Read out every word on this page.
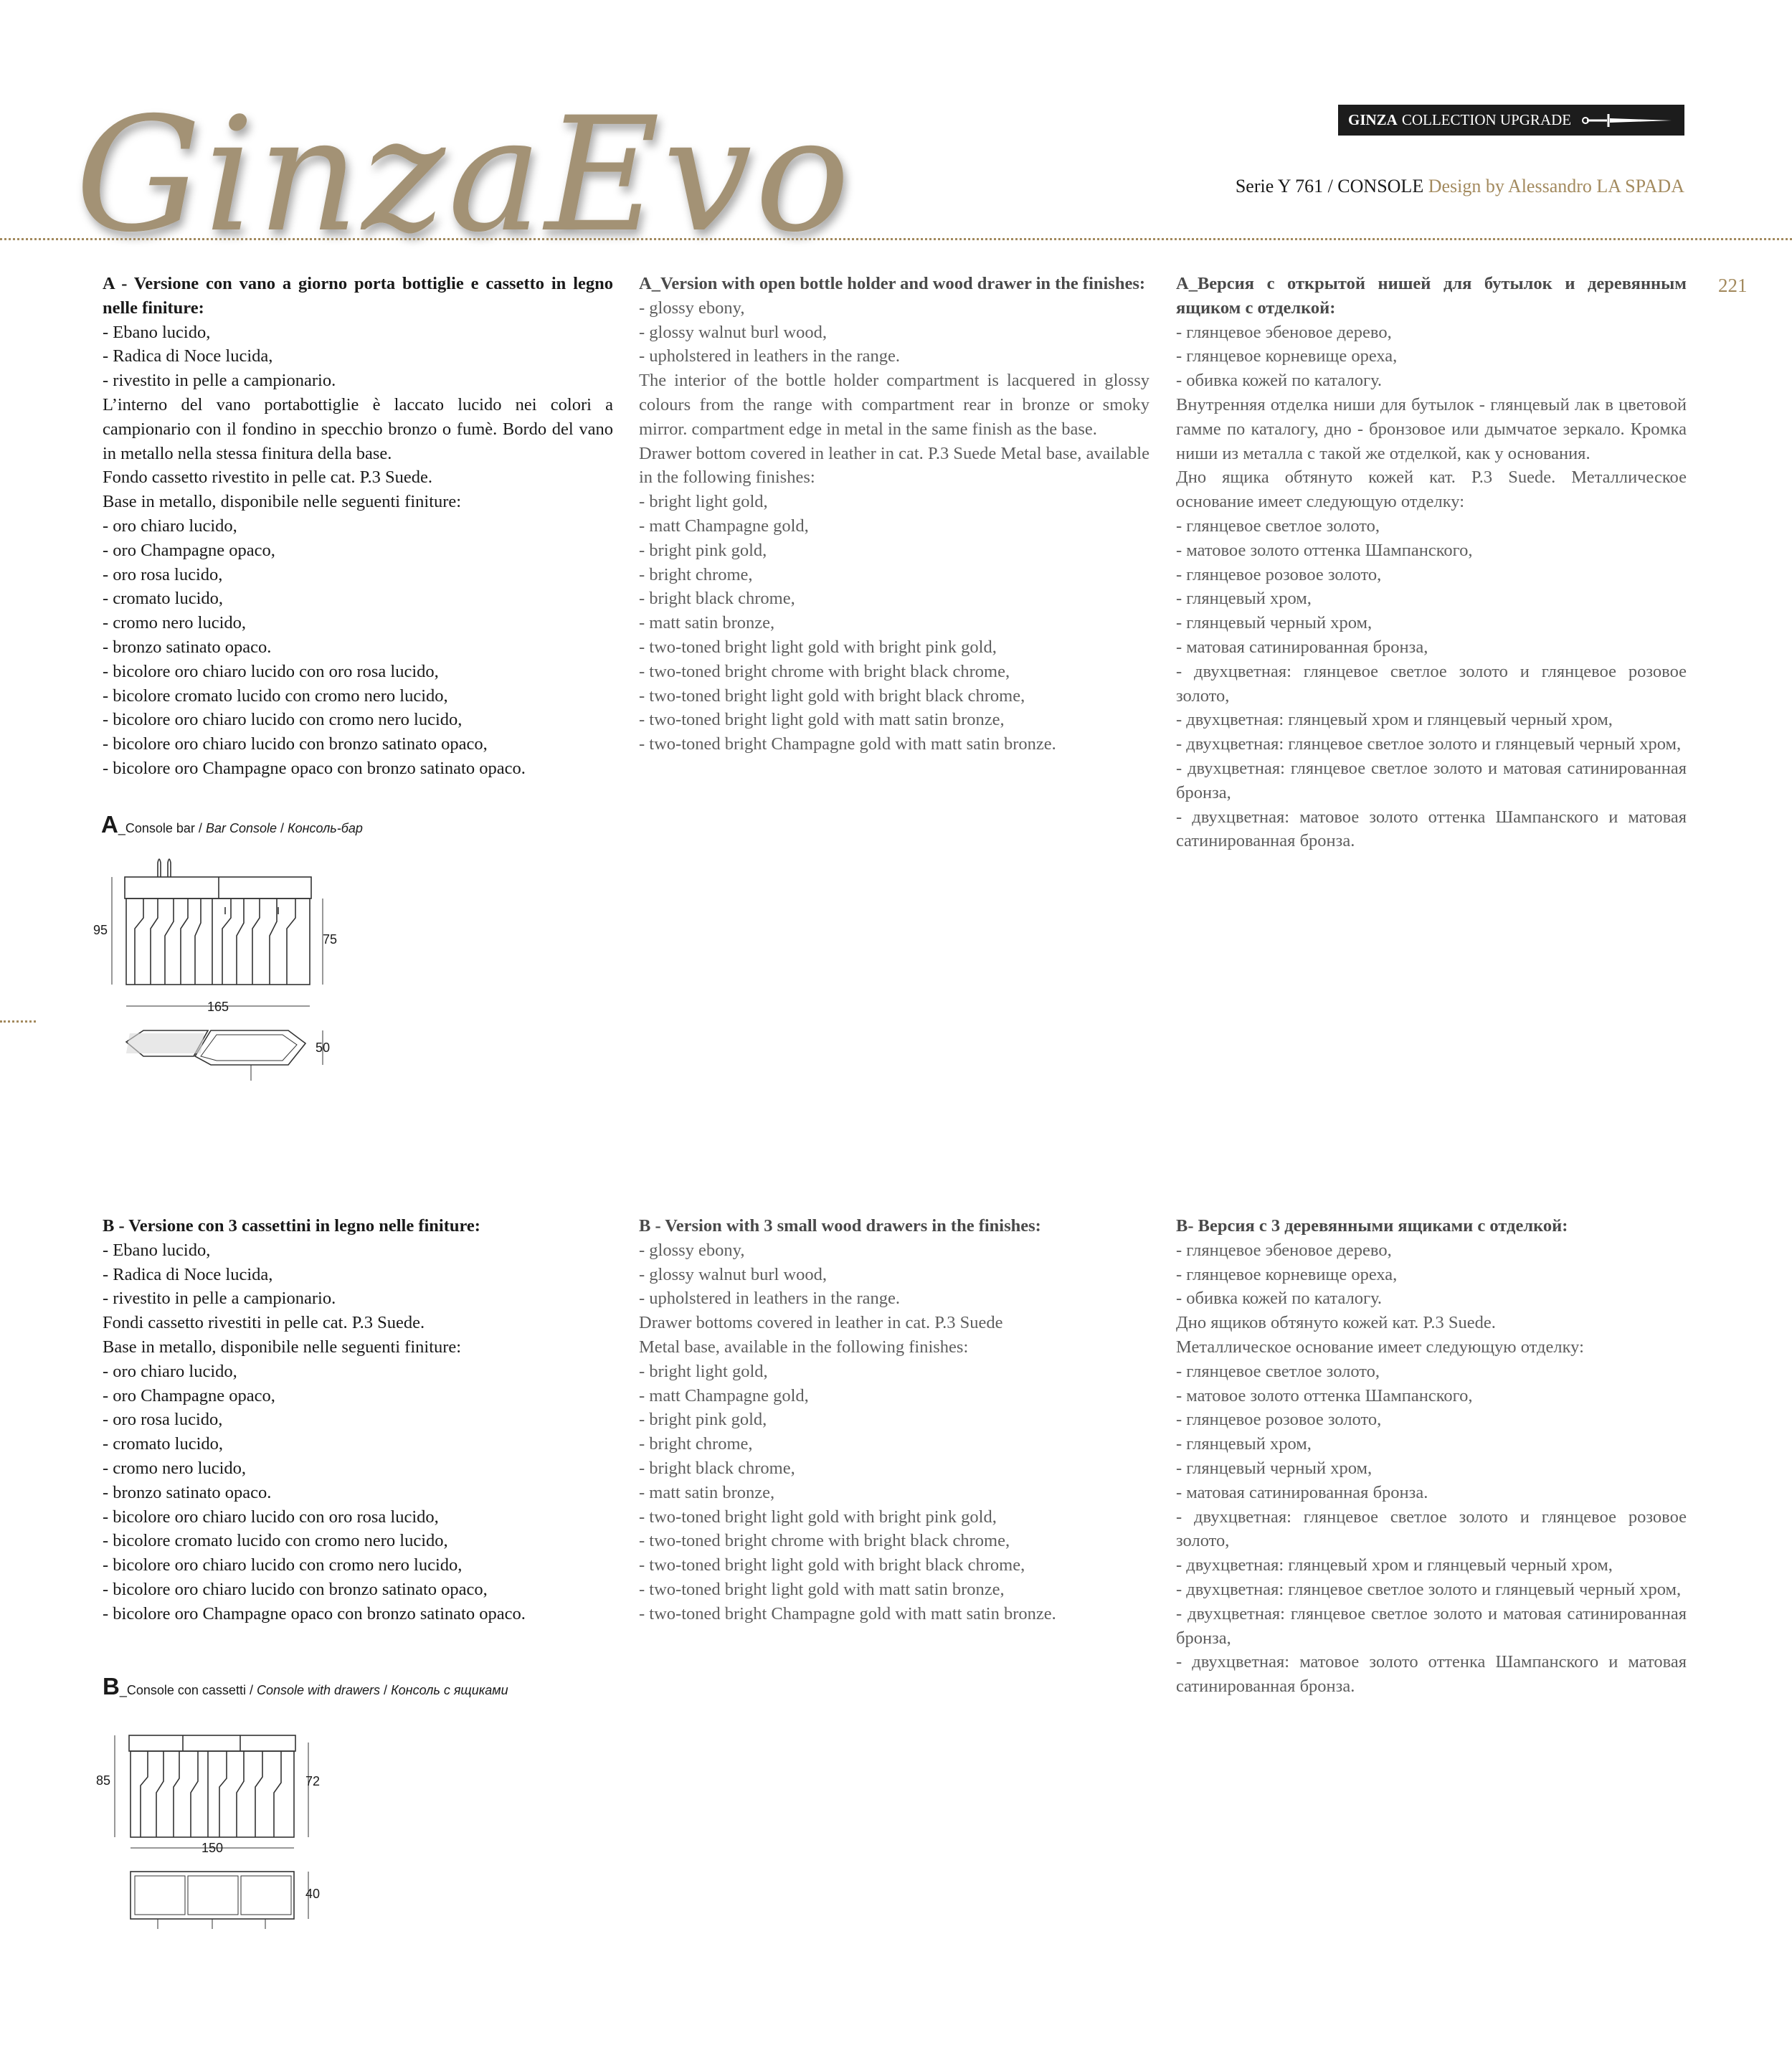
GinzaEvo	GINZA COLLECTION UPGRADE
Serie Y 761 / CONSOLE Design by Alessandro LA SPADA
221

A - Versione con vano a giorno porta bottiglie e cassetto in legno nelle finiture:

- Ebano lucido,

- Radica di Noce lucida,

- rivestito in pelle a campionario.

L’interno del vano portabottiglie è laccato lucido nei colori a campionario con il fondino in specchio bronzo o fumè. Bordo del vano in metallo nella stessa finitura della base.

Fondo cassetto rivestito in pelle cat. P.3 Suede.

Base in metallo, disponibile nelle seguenti finiture:

- oro chiaro lucido,

- oro Champagne opaco,

- oro rosa lucido,

- cromato lucido,

- cromo nero lucido,

- bronzo satinato opaco.

- bicolore oro chiaro lucido con oro rosa lucido,

- bicolore cromato lucido con cromo nero lucido,

- bicolore oro chiaro lucido con cromo nero lucido,

- bicolore oro chiaro lucido con bronzo satinato opaco,

- bicolore oro Champagne opaco con bronzo satinato opaco.

A_Version with open bottle holder and wood drawer in the finishes:

- glossy ebony,

- glossy walnut burl wood,

- upholstered in leathers in the range.

The interior of the bottle holder compartment is lacquered in glossy colours from the range with compartment rear in bronze or smoky mirror. compartment edge in metal in the same finish as the base.

Drawer bottom covered in leather in cat. P.3 Suede Metal base, available in the following finishes:

- bright light gold,

- matt Champagne gold,

- bright pink gold,

- bright chrome,

- bright black chrome,

- matt satin bronze,

- two-toned bright light gold with bright pink gold,

- two-toned bright chrome with bright black chrome,

- two-toned bright light gold with bright black chrome,

- two-toned bright light gold with matt satin bronze,

- two-toned bright Champagne gold with matt satin bronze.

A_Версия с открытой нишей для бутылок и деревянным ящиком с отделкой:

- глянцевое эбеновое дерево,

- глянцевое корневище ореха,

- обивка кожей по каталогу.

Внутренняя отделка ниши для бутылок - глянцевый лак в цветовой гамме по каталогу, дно - бронзовое или дымчатое зеркало. Кромка ниши из металла с такой же отделкой, как у основания.

Дно ящика обтянуто кожей кат. P.3 Suede. Металлическое основание имеет следующую отделку:

- глянцевое светлое золото,

- матовое золото оттенка Шампанского,

- глянцевое розовое золото,

- глянцевый хром,

- глянцевый черный хром,

- матовая сатинированная бронза,

- двухцветная: глянцевое светлое золото и глянцевое розовое золото,

- двухцветная: глянцевый хром и глянцевый черный хром,

- двухцветная: глянцевое светлое золото и глянцевый черный хром,

- двухцветная: глянцевое светлое золото и матовая сатинированная бронза,

- двухцветная: матовое золото оттенка Шампанского и матовая сатинированная бронза.

A_Console bar / Bar Console / Консоль-бар
95
75
165
50

B - Versione con 3 cassettini in legno nelle finiture:

- Ebano lucido,

- Radica di Noce lucida,

- rivestito in pelle a campionario.

Fondi cassetto rivestiti in pelle cat. P.3 Suede.

Base in metallo, disponibile nelle seguenti finiture:

- oro chiaro lucido,

- oro Champagne opaco,

- oro rosa lucido,

- cromato lucido,

- cromo nero lucido,

- bronzo satinato opaco.

- bicolore oro chiaro lucido con oro rosa lucido,

- bicolore cromato lucido con cromo nero lucido,

- bicolore oro chiaro lucido con cromo nero lucido,

- bicolore oro chiaro lucido con bronzo satinato opaco,

- bicolore oro Champagne opaco con bronzo satinato opaco.

B - Version with 3 small wood drawers in the finishes:

- glossy ebony,

- glossy walnut burl wood,

- upholstered in leathers in the range.

Drawer bottoms covered in leather in cat. P.3 Suede

Metal base, available in the following finishes:

- bright light gold,

- matt Champagne gold,

- bright pink gold,

- bright chrome,

- bright black chrome,

- matt satin bronze,

- two-toned bright light gold with bright pink gold,

- two-toned bright chrome with bright black chrome,

- two-toned bright light gold with bright black chrome,

- two-toned bright light gold with matt satin bronze,

- two-toned bright Champagne gold with matt satin bronze.

B- Версия с 3 деревянными ящиками с отделкой:

- глянцевое эбеновое дерево,

- глянцевое корневище ореха,

- обивка кожей по каталогу.

Дно ящиков обтянуто кожей кат. P.3 Suede.

Металлическое основание имеет следующую отделку:

- глянцевое светлое золото,

- матовое золото оттенка Шампанского,

- глянцевое розовое золото,

- глянцевый хром,

- глянцевый черный хром,

- матовая сатинированная бронза.

- двухцветная: глянцевое светлое золото и глянцевое розовое золото,

- двухцветная: глянцевый хром и глянцевый черный хром,

- двухцветная: глянцевое светлое золото и глянцевый черный хром,

- двухцветная: глянцевое светлое золото и матовая сатинированная бронза,

- двухцветная: матовое золото оттенка Шампанского и матовая сатинированная бронза.

B_Console con cassetti / Console with drawers / Консоль с ящиками
85	72
150
40
